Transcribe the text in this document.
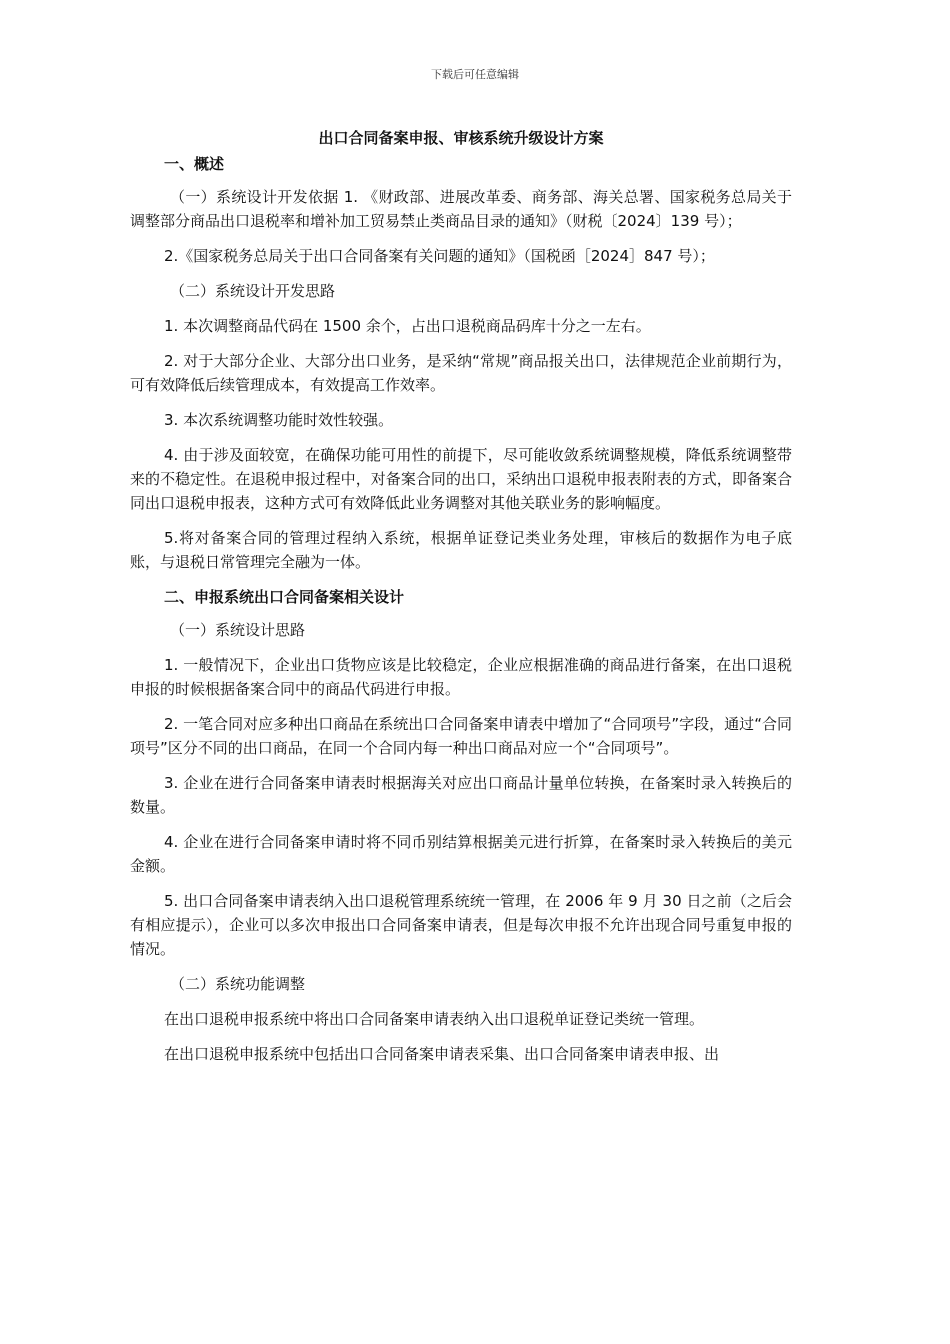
下载后可任意编辑
出口合同备案申报、审核系统升级设计方案
一、概述
（一）系统设计开发依据 1. 《财政部、进展改革委、商务部、海关总署、国家税务总局关于调整部分商品出口退税率和增补加工贸易禁止类商品目录的通知》（财税〔2024〕139 号）；
2.《国家税务总局关于出口合同备案有关问题的通知》（国税函［2024］847 号）；
（二）系统设计开发思路
1. 本次调整商品代码在 1500 余个，占出口退税商品码库十分之一左右。
2. 对于大部分企业、大部分出口业务，是采纳“常规”商品报关出口，法律规范企业前期行为，可有效降低后续管理成本，有效提高工作效率。
3. 本次系统调整功能时效性较强。
4. 由于涉及面较宽，在确保功能可用性的前提下，尽可能收敛系统调整规模，降低系统调整带来的不稳定性。在退税申报过程中，对备案合同的出口，采纳出口退税申报表附表的方式，即备案合同出口退税申报表，这种方式可有效降低此业务调整对其他关联业务的影响幅度。
5.将对备案合同的管理过程纳入系统，根据单证登记类业务处理，审核后的数据作为电子底账，与退税日常管理完全融为一体。
二、申报系统出口合同备案相关设计
（一）系统设计思路
1. 一般情况下，企业出口货物应该是比较稳定，企业应根据准确的商品进行备案，在出口退税申报的时候根据备案合同中的商品代码进行申报。
2. 一笔合同对应多种出口商品在系统出口合同备案申请表中增加了“合同项号”字段，通过“合同项号”区分不同的出口商品，在同一个合同内每一种出口商品对应一个“合同项号”。
3. 企业在进行合同备案申请表时根据海关对应出口商品计量单位转换，在备案时录入转换后的数量。
4. 企业在进行合同备案申请时将不同币别结算根据美元进行折算，在备案时录入转换后的美元金额。
5. 出口合同备案申请表纳入出口退税管理系统统一管理，在 2006 年 9 月 30 日之前（之后会有相应提示），企业可以多次申报出口合同备案申请表，但是每次申报不允许出现合同号重复申报的情况。
（二）系统功能调整
在出口退税申报系统中将出口合同备案申请表纳入出口退税单证登记类统一管理。
在出口退税申报系统中包括出口合同备案申请表采集、出口合同备案申请表申报、出
